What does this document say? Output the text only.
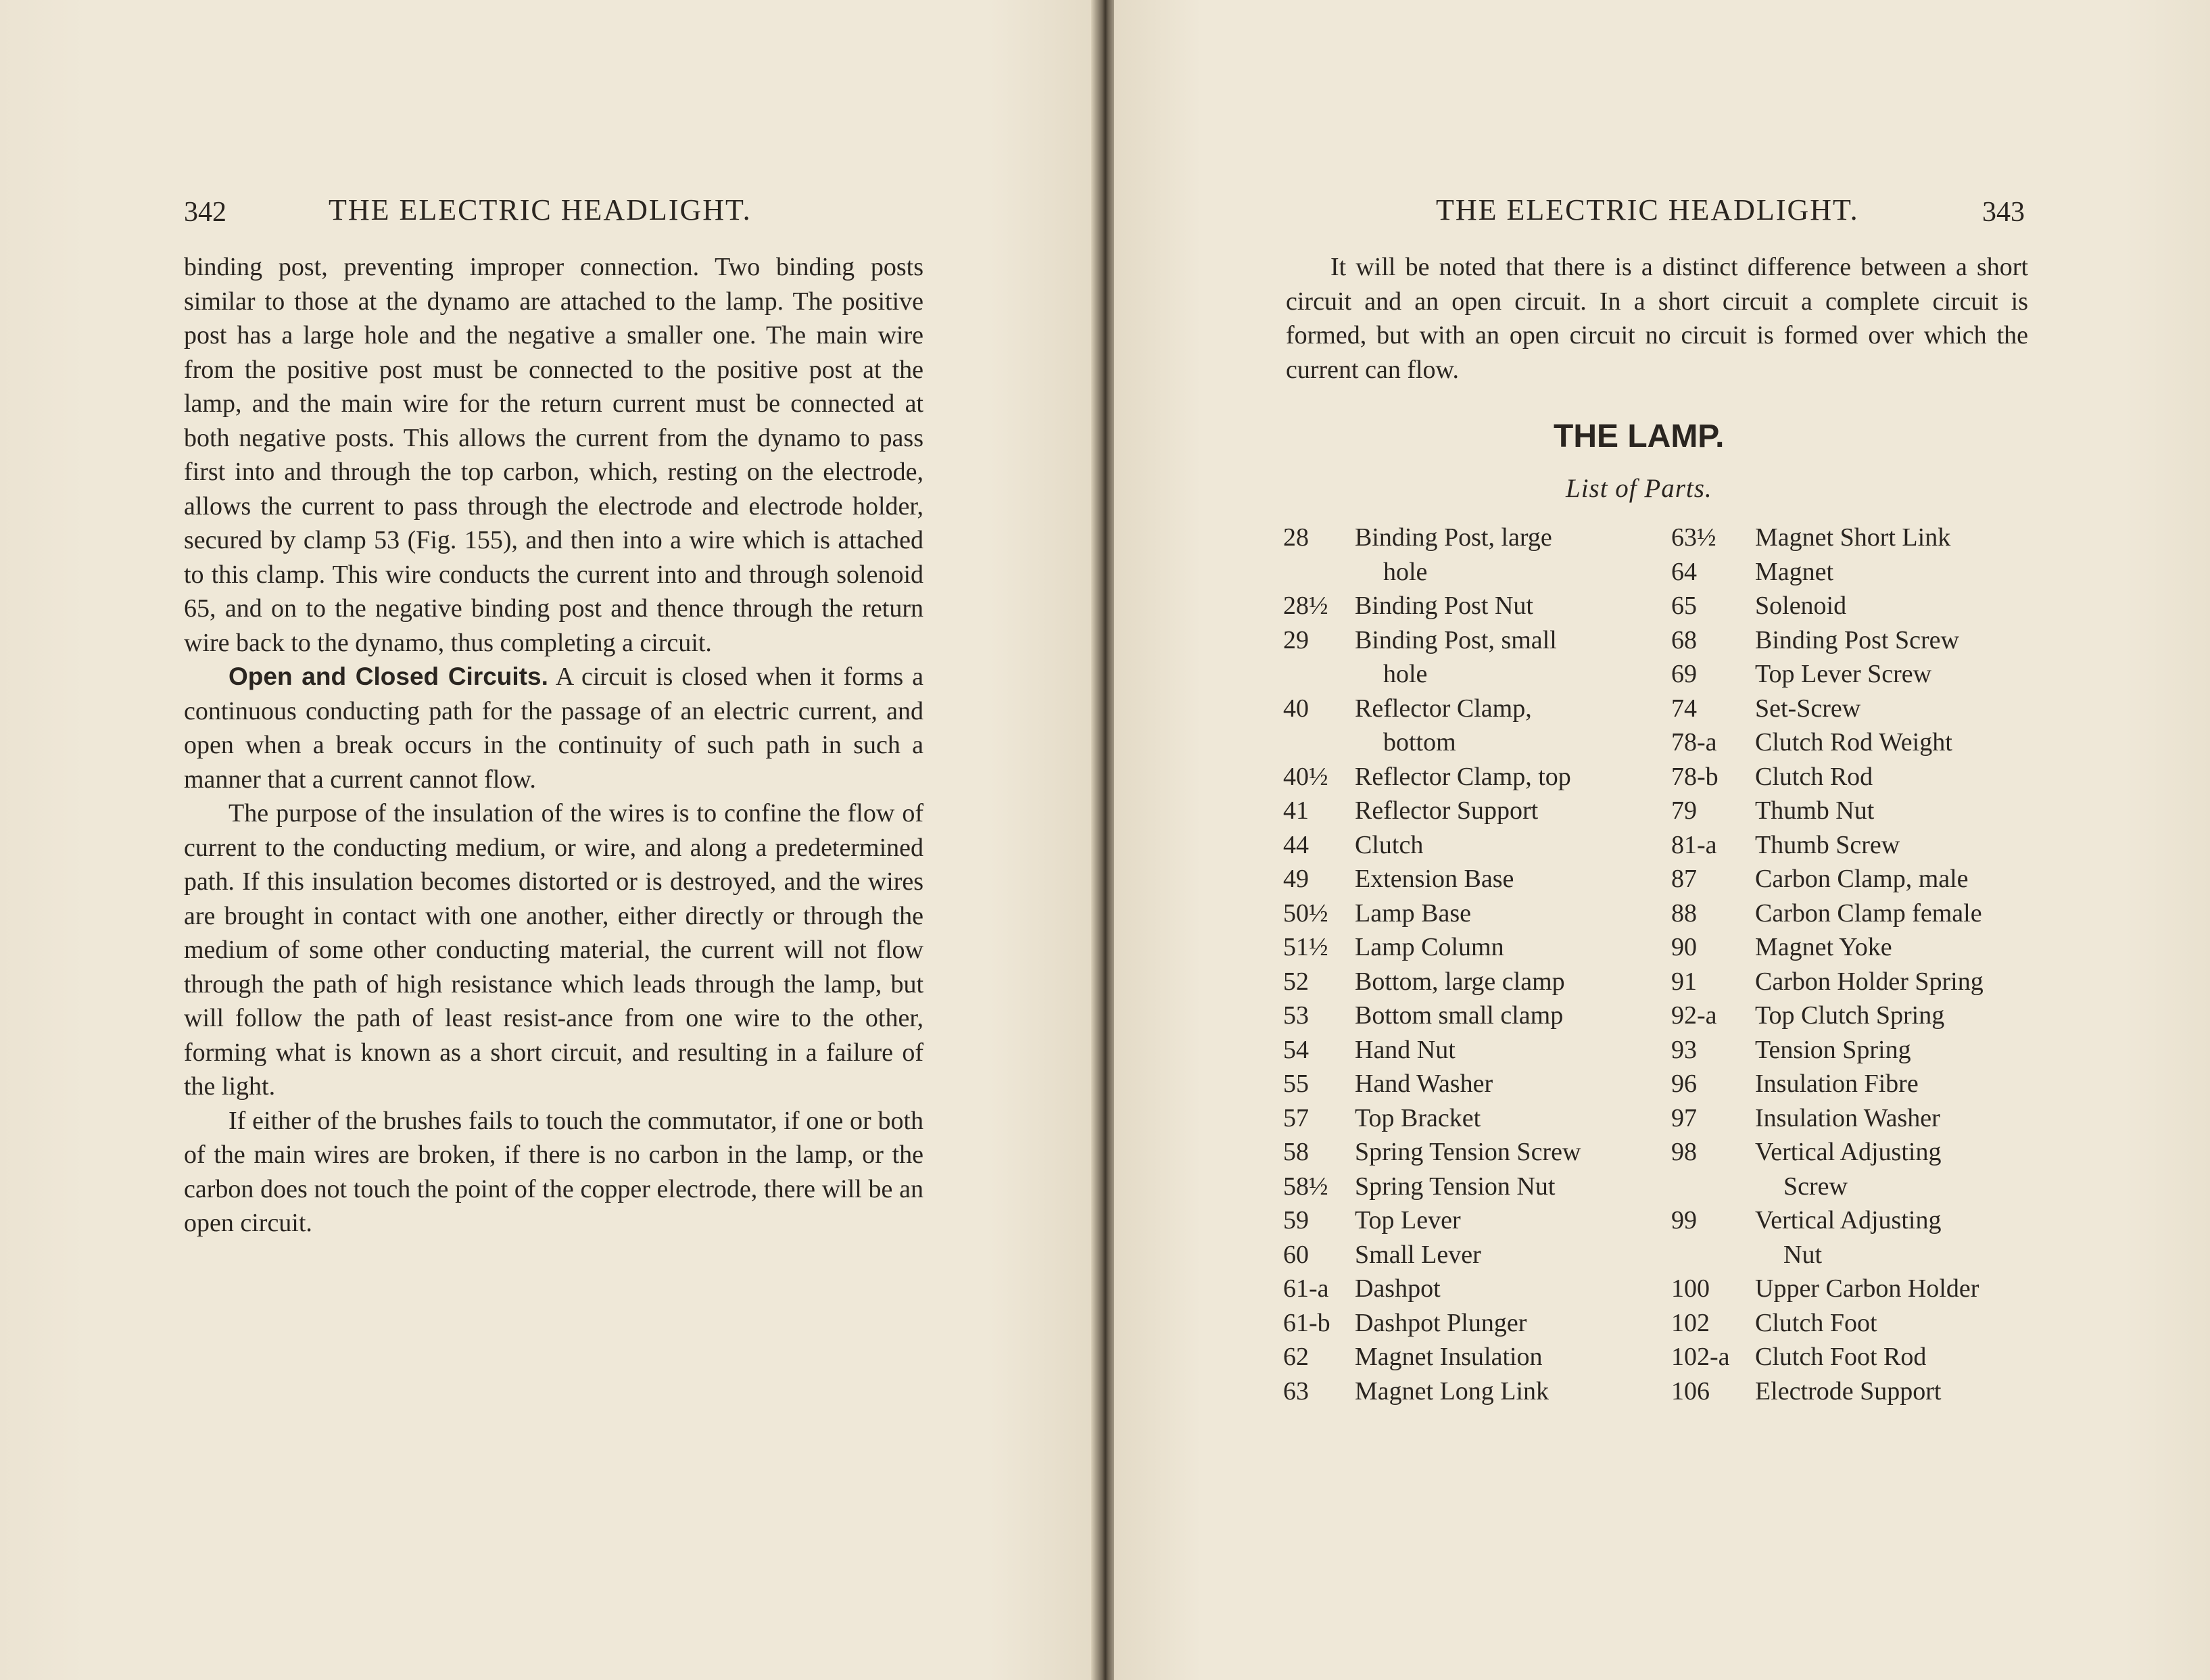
342	THE ELECTRIC HEADLIGHT.

binding post, preventing improper connection. Two binding posts similar to those at the dynamo are attached to the lamp. The positive post has a large hole and the negative a smaller one. The main wire from the positive post must be connected to the positive post at the lamp, and the main wire for the return current must be connected at both negative posts. This allows the current from the dynamo to pass first into and through the top carbon, which, resting on the electrode, allows the current to pass through the electrode and electrode holder, secured by clamp 53 (Fig. 155), and then into a wire which is attached to this clamp. This wire conducts the current into and through solenoid 65, and on to the negative binding post and thence through the return wire back to the dynamo, thus completing a circuit.

Open and Closed Circuits. A circuit is closed when it forms a continuous conducting path for the passage of an electric current, and open when a break occurs in the continuity of such path in such a manner that a current cannot flow.

The purpose of the insulation of the wires is to confine the flow of current to the conducting medium, or wire, and along a predetermined path. If this insulation becomes distorted or is destroyed, and the wires are brought in contact with one another, either directly or through the medium of some other conducting material, the current will not flow through the path of high resistance which leads through the lamp, but will follow the path of least resist-ance from one wire to the other, forming what is known as a short circuit, and resulting in a failure of the light.

If either of the brushes fails to touch the commutator, if one or both of the main wires are broken, if there is no carbon in the lamp, or the carbon does not touch the point of the copper electrode, there will be an open circuit.

THE ELECTRIC HEADLIGHT.	343
It will be noted that there is a distinct difference between a short circuit and an open circuit. In a short circuit a complete circuit is formed, but with an open circuit no circuit is formed over which the current can flow.
THE LAMP.
List of Parts.
28	Binding Post, large
hole
28½	Binding Post Nut
29	Binding Post, small
hole
40	Reflector Clamp,
bottom
40½	Reflector Clamp, top
41	Reflector Support
44	Clutch
49	Extension Base
50½	Lamp Base
51½	Lamp Column
52	Bottom, large clamp
53	Bottom small clamp
54	Hand Nut
55	Hand Washer
57	Top Bracket
58	Spring Tension Screw
58½	Spring Tension Nut
59	Top Lever
60	Small Lever
61-a	Dashpot
61-b Dashpot Plunger
62	Magnet Insulation
63	Magnet Long Link
63½	Magnet Short Link
64	Magnet
65	Solenoid
68	Binding Post Screw
69	Top Lever Screw
74	Set-Screw
78-a	Clutch Rod Weight
78-b	Clutch Rod
79	Thumb Nut
81-a	Thumb Screw
87	Carbon Clamp, male
88	Carbon Clamp female
90	Magnet Yoke
91	Carbon Holder Spring
92-a	Top Clutch Spring
93	Tension Spring
96	Insulation Fibre
97	Insulation Washer
98	Vertical Adjusting
Screw
99	Vertical Adjusting
Nut
100	Upper Carbon Holder
102	Clutch Foot
102-a Clutch Foot Rod
106	Electrode Support
